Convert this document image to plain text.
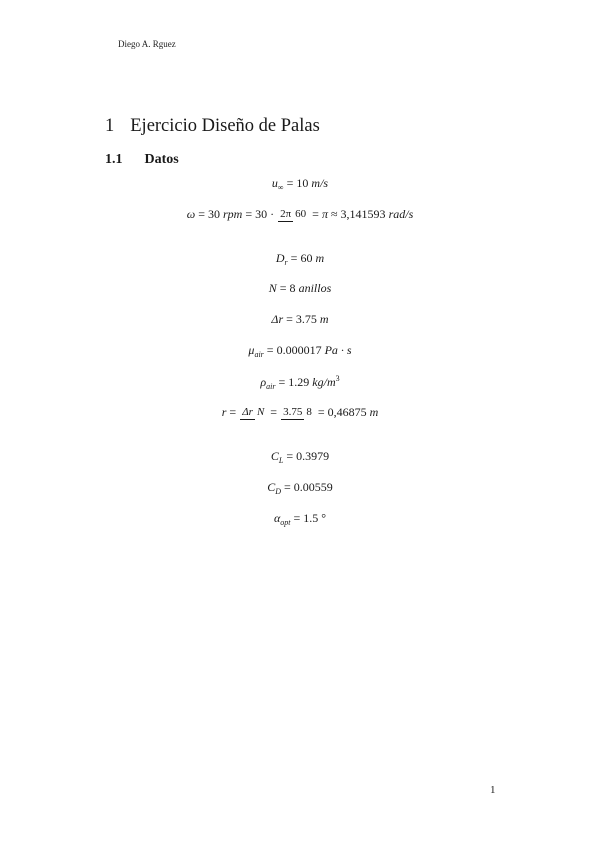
Diego A. Rguez
1 Ejercicio Diseño de Palas
1.1 Datos
u∞ = 10 m/s
ω = 30 rpm = 30 · 2π 60 = π ≈ 3,141593 rad/s
Dr = 60 m
N = 8 anillos
Δr = 3.75 m
μair = 0.000017 Pa · s
ρair = 1.29 kg/m3
r = Δr N = 3.75 8 = 0,46875 m
CL = 0.3979
CD = 0.00559
αopt = 1.5 °
1
